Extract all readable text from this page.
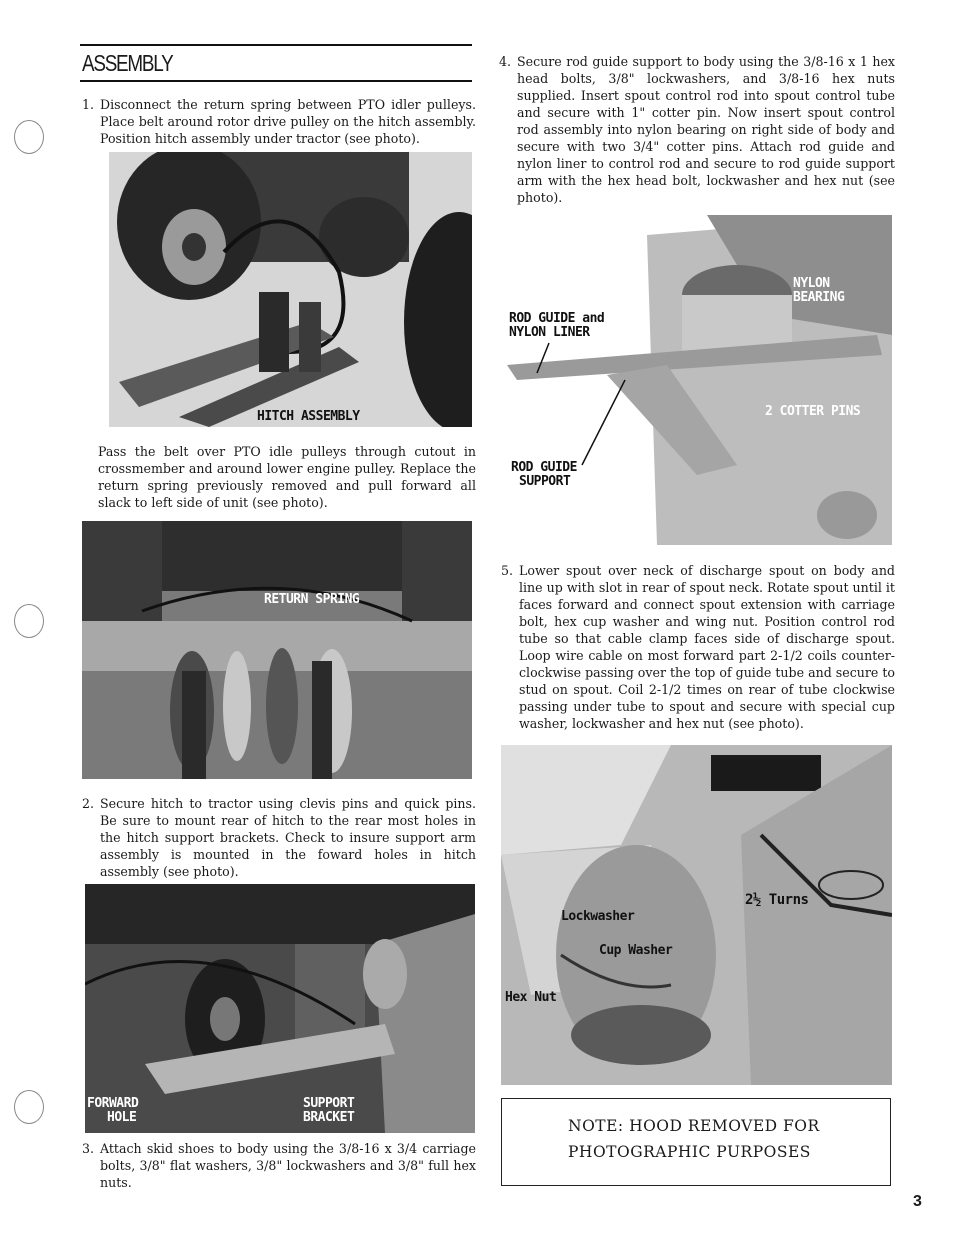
ASSEMBLY
1. Disconnect the return spring between PTO idler pulleys. Place belt around rotor drive pulley on the hitch assembly. Position hitch assembly under tractor (see photo).
HITCH ASSEMBLY
Pass the belt over PTO idle pulleys through cutout in crossmember and around lower engine pulley. Replace the return spring previously removed and pull forward all slack to left side of unit (see photo).
RETURN SPRING
2. Secure hitch to tractor using clevis pins and quick pins. Be sure to mount rear of hitch to the rear most holes in the hitch support brackets. Check to insure support arm assembly is mounted in the foward holes in hitch assembly (see photo).
FORWARD
HOLE
SUPPORT
BRACKET
3. Attach skid shoes to body using the 3/8-16 x 3/4 carriage bolts, 3/8" flat washers, 3/8" lockwashers and 3/8" full hex nuts.
4. Secure rod guide support to body using the 3/8-16 x 1 hex head bolts, 3/8" lockwashers, and 3/8-16 hex nuts supplied. Insert spout control rod into spout control tube and secure with 1" cotter pin. Now insert spout control rod assembly into nylon bearing on right side of body and secure with two 3/4" cotter pins. Attach rod guide and nylon liner to control rod and secure to rod guide support arm with the hex head bolt, lockwasher and hex nut (see photo).
ROD GUIDE and
NYLON LINER
NYLON
BEARING
2 COTTER PINS
ROD GUIDE
SUPPORT
5. Lower spout over neck of discharge spout on body and line up with slot in rear of spout neck. Rotate spout until it faces forward and connect spout extension with carriage bolt, hex cup washer and wing nut. Position control rod tube so that cable clamp faces side of discharge spout. Loop wire cable on most forward part 2-1/2 coils counter-clockwise passing over the top of guide tube and secure to stud on spout. Coil 2-1/2 times on rear of tube clockwise passing under tube to spout and secure with special cup washer, lockwasher and hex nut (see photo).
2½ Turns
Lockwasher
Cup Washer
Hex Nut
NOTE: HOOD REMOVED FOR
PHOTOGRAPHIC PURPOSES
3
